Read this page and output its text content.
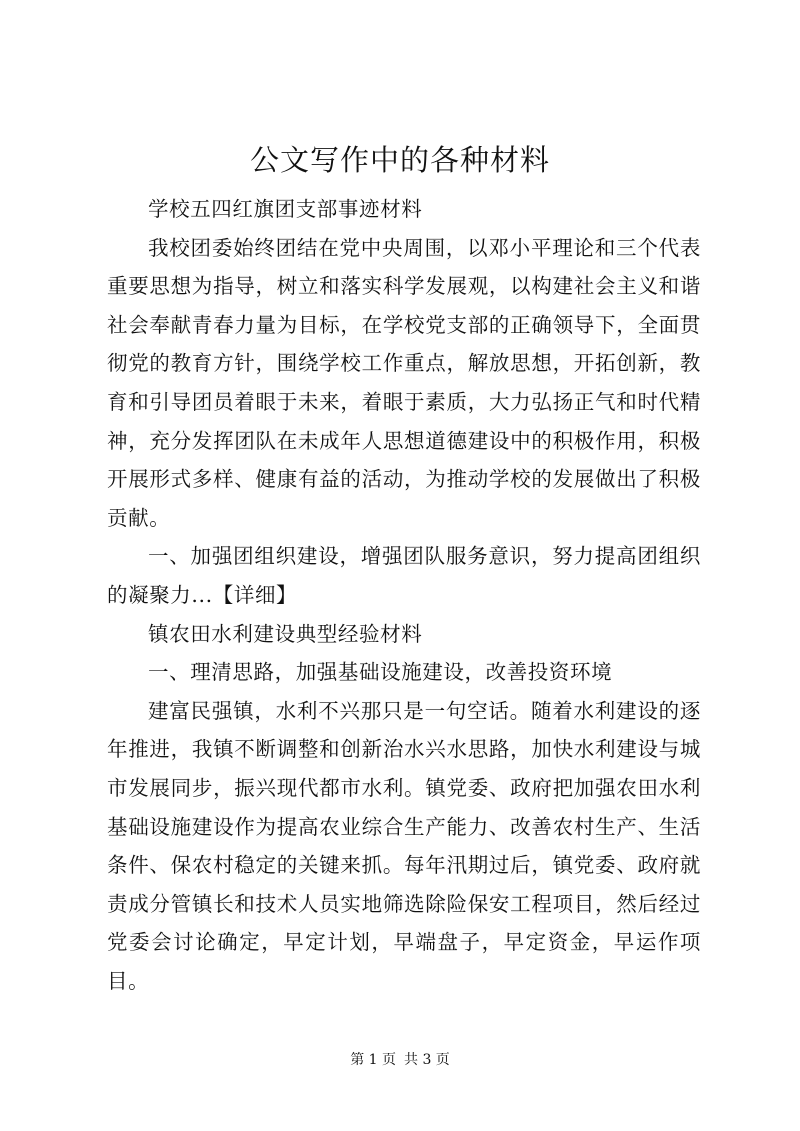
公文写作中的各种材料

学校五四红旗团支部事迹材料

我校团委始终团结在党中央周围，以邓小平理论和三个代表重要思想为指导，树立和落实科学发展观，以构建社会主义和谐社会奉献青春力量为目标，在学校党支部的正确领导下，全面贯彻党的教育方针，围绕学校工作重点，解放思想，开拓创新，教育和引导团员着眼于未来，着眼于素质，大力弘扬正气和时代精神，充分发挥团队在未成年人思想道德建设中的积极作用，积极开展形式多样、健康有益的活动，为推动学校的发展做出了积极贡献。

一、加强团组织建设，增强团队服务意识，努力提高团组织的凝聚力...【详细】

镇农田水利建设典型经验材料

一、理清思路，加强基础设施建设，改善投资环境

建富民强镇，水利不兴那只是一句空话。随着水利建设的逐年推进，我镇不断调整和创新治水兴水思路，加快水利建设与城市发展同步，振兴现代都市水利。镇党委、政府把加强农田水利基础设施建设作为提高农业综合生产能力、改善农村生产、生活条件、保农村稳定的关键来抓。每年汛期过后，镇党委、政府就责成分管镇长和技术人员实地筛选除险保安工程项目，然后经过党委会讨论确定，早定计划，早端盘子，早定资金，早运作项目。

第 1 页 共 3 页
